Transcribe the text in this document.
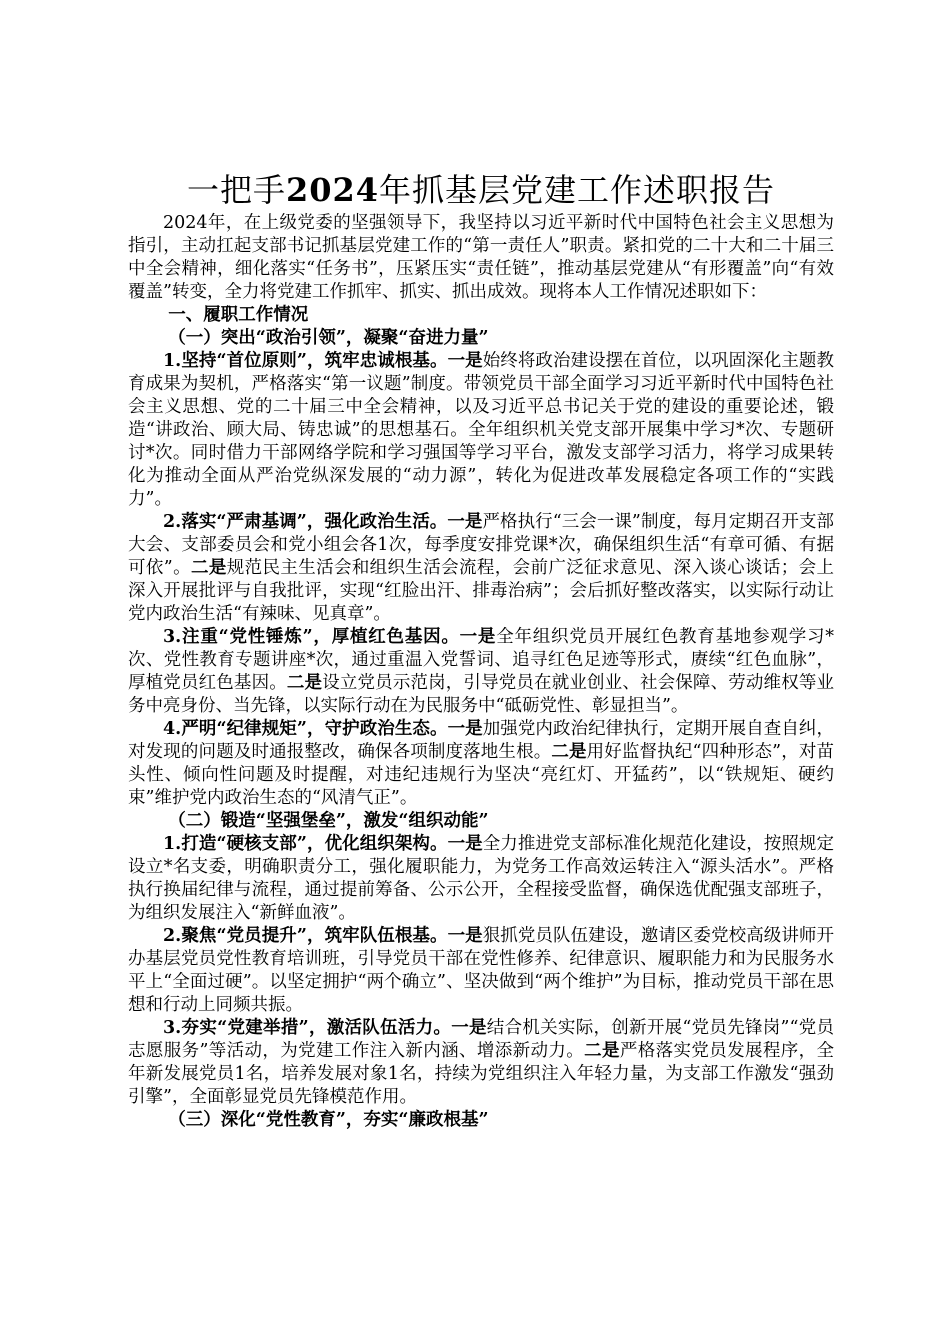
一把手2024年抓基层党建工作述职报告

2024年，在上级党委的坚强领导下，我坚持以习近平新时代中国特色社会主义思想为指引，主动扛起支部书记抓基层党建工作的“第一责任人”职责。紧扣党的二十大和二十届三中全会精神，细化落实“任务书”，压紧压实“责任链”，推动基层党建从“有形覆盖”向“有效覆盖”转变，全力将党建工作抓牢、抓实、抓出成效。现将本人工作情况述职如下：

一、履职工作情况

（一）突出“政治引领”，凝聚“奋进力量”

1.坚持“首位原则”，筑牢忠诚根基。一是始终将政治建设摆在首位，以巩固深化主题教育成果为契机，严格落实“第一议题”制度。带领党员干部全面学习习近平新时代中国特色社会主义思想、党的二十届三中全会精神，以及习近平总书记关于党的建设的重要论述，锻造“讲政治、顾大局、铸忠诚”的思想基石。全年组织机关党支部开展集中学习*次、专题研讨*次。同时借力干部网络学院和学习强国等学习平台，激发支部学习活力，将学习成果转化为推动全面从严治党纵深发展的“动力源”，转化为促进改革发展稳定各项工作的“实践力”。

2.落实“严肃基调”，强化政治生活。一是严格执行“三会一课”制度，每月定期召开支部大会、支部委员会和党小组会各1次，每季度安排党课*次，确保组织生活“有章可循、有据可依”。二是规范民主生活会和组织生活会流程，会前广泛征求意见、深入谈心谈话；会上深入开展批评与自我批评，实现“红脸出汗、排毒治病”；会后抓好整改落实，以实际行动让党内政治生活“有辣味、见真章”。

3.注重“党性锤炼”，厚植红色基因。一是全年组织党员开展红色教育基地参观学习*次、党性教育专题讲座*次，通过重温入党誓词、追寻红色足迹等形式，赓续“红色血脉”，厚植党员红色基因。二是设立党员示范岗，引导党员在就业创业、社会保障、劳动维权等业务中亮身份、当先锋，以实际行动在为民服务中“砥砺党性、彰显担当”。

4.严明“纪律规矩”，守护政治生态。一是加强党内政治纪律执行，定期开展自查自纠，对发现的问题及时通报整改，确保各项制度落地生根。二是用好监督执纪“四种形态”，对苗头性、倾向性问题及时提醒，对违纪违规行为坚决“亮红灯、开猛药”，以“铁规矩、硬约束”维护党内政治生态的“风清气正”。

（二）锻造“坚强堡垒”，激发“组织动能”

1.打造“硬核支部”，优化组织架构。一是全力推进党支部标准化规范化建设，按照规定设立*名支委，明确职责分工，强化履职能力，为党务工作高效运转注入“源头活水”。严格执行换届纪律与流程，通过提前筹备、公示公开，全程接受监督，确保选优配强支部班子，为组织发展注入“新鲜血液”。

2.聚焦“党员提升”，筑牢队伍根基。一是狠抓党员队伍建设，邀请区委党校高级讲师开办基层党员党性教育培训班，引导党员干部在党性修养、纪律意识、履职能力和为民服务水平上“全面过硬”。以坚定拥护“两个确立”、坚决做到“两个维护”为目标，推动党员干部在思想和行动上同频共振。

3.夯实“党建举措”，激活队伍活力。一是结合机关实际，创新开展“党员先锋岗”“党员志愿服务”等活动，为党建工作注入新内涵、增添新动力。二是严格落实党员发展程序，全年新发展党员1名，培养发展对象1名，持续为党组织注入年轻力量，为支部工作激发“强劲引擎”，全面彰显党员先锋模范作用。

（三）深化“党性教育”，夯实“廉政根基”
